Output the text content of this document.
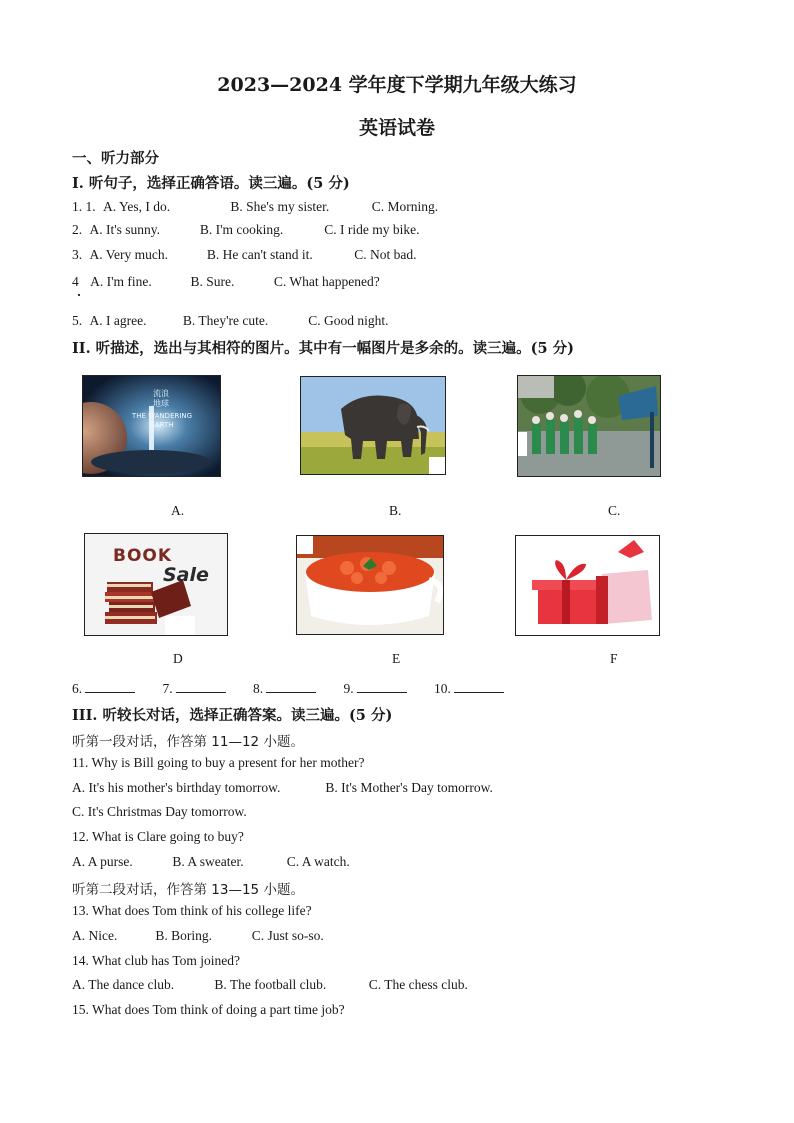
2023—2024 学年度下学期九年级大练习
英语试卷
一、听力部分
I. 听句子，选择正确答语。读三遍。(5 分)
1. 1. A. Yes, I do.	B. She's my sister.	C. Morning.
2. A. It's sunny.	B. I'm cooking.	C. I ride my bike.
3. A. Very much.	B. He can't stand it.	C. Not bad.
4 A. I'm fine.	B. Sure.	C. What happened?
5. A. I agree.	B. They're cute.	C. Good night.
II. 听描述，选出与其相符的图片。其中有一幅图片是多余的。读三遍。(5 分)
流浪
地球
THE WANDERING EARTH
A.	B.	C.
BOOK
Sale
D	E	F
6.	7.	8.	9.	10.
III. 听较长对话，选择正确答案。读三遍。(5 分)
听第一段对话，作答第 11—12 小题。
11. Why is Bill going to buy a present for her mother?
A. It's his mother's birthday tomorrow.	B. It's Mother's Day tomorrow.
C. It's Christmas Day tomorrow.
12. What is Clare going to buy?
A. A purse.	B. A sweater.	C. A watch.
听第二段对话，作答第 13—15 小题。
13. What does Tom think of his college life?
A. Nice.	B. Boring.	C. Just so-so.
14. What club has Tom joined?
A. The dance club.	B. The football club.	C. The chess club.
15. What does Tom think of doing a part time job?
